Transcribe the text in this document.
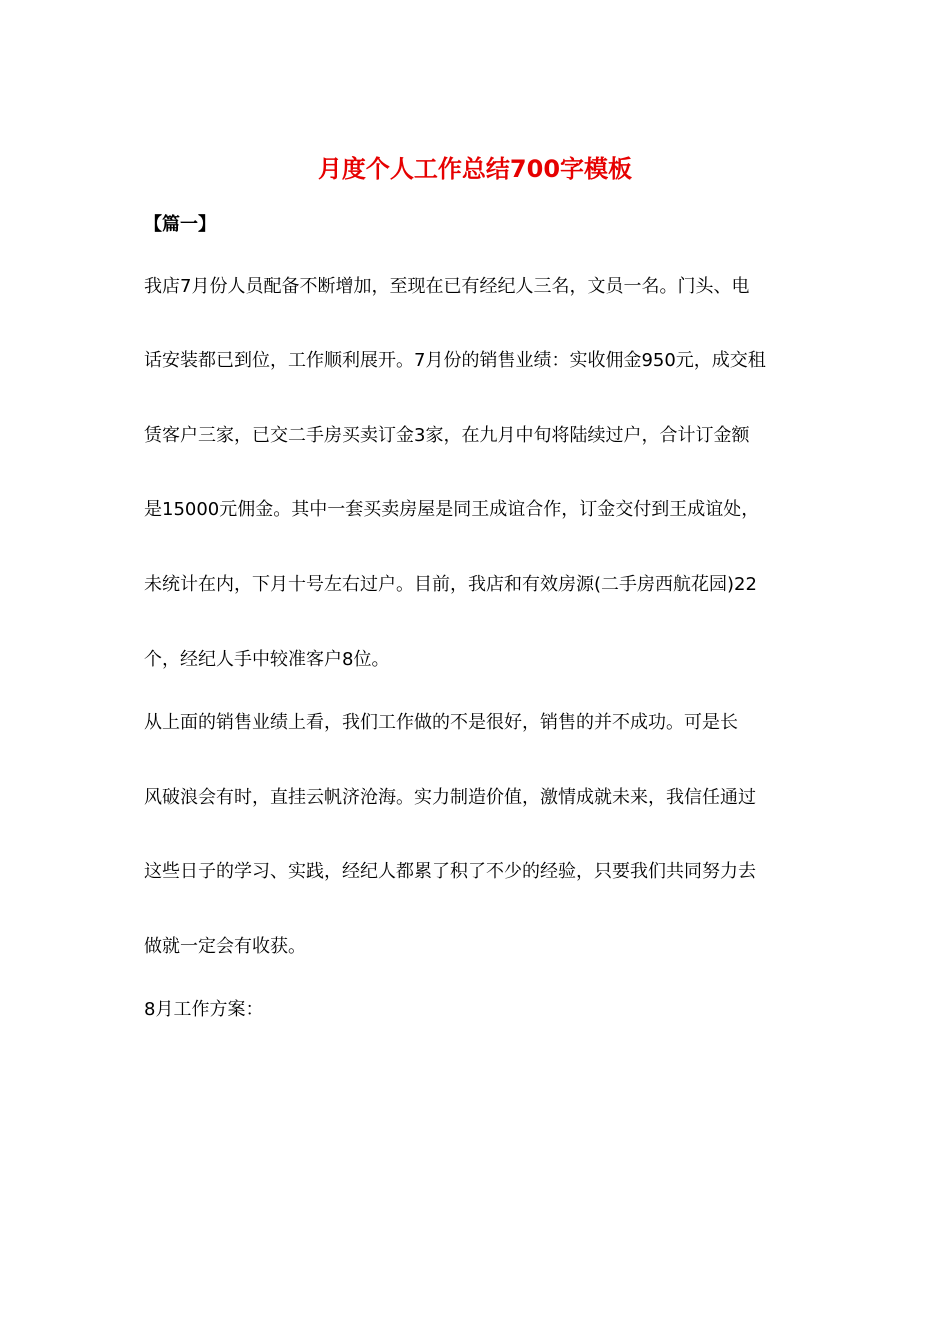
月度个人工作总结700字模板
【篇一】
我店7月份人员配备不断增加，至现在已有经纪人三名，文员一名。门头、电
话安装都已到位，工作顺利展开。7月份的销售业绩：实收佣金950元，成交租
赁客户三家，已交二手房买卖订金3家，在九月中旬将陆续过户，合计订金额
是15000元佣金。其中一套买卖房屋是同王成谊合作，订金交付到王成谊处，
未统计在内，下月十号左右过户。目前，我店和有效房源(二手房西航花园)22
个，经纪人手中较准客户8位。
从上面的销售业绩上看，我们工作做的不是很好，销售的并不成功。可是长
风破浪会有时，直挂云帆济沧海。实力制造价值，激情成就未来，我信任通过
这些日子的学习、实践，经纪人都累了积了不少的经验，只要我们共同努力去
做就一定会有收获。
8月工作方案：
